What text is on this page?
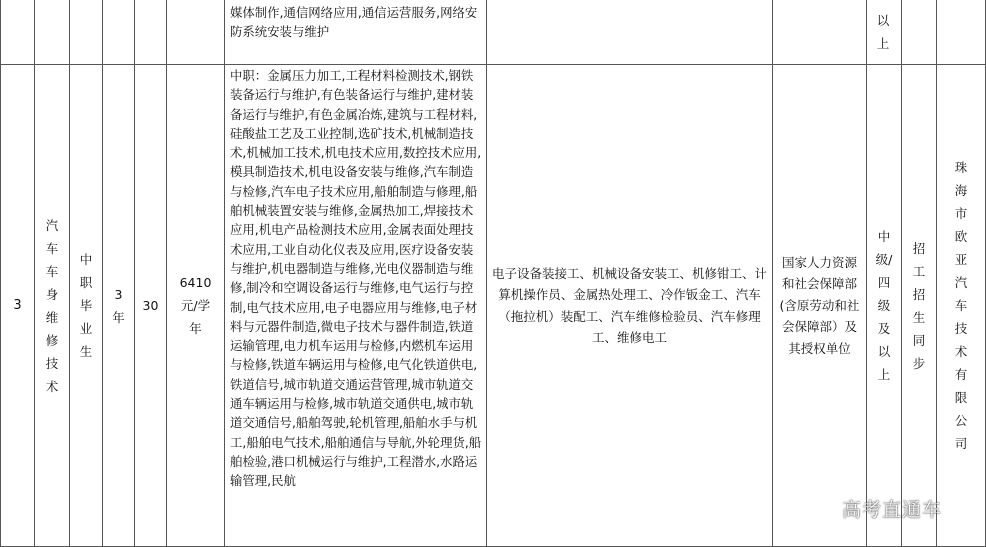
媒体制作,通信网络应用,通信运营服务,网络安防系统安装与维护
以上
3
汽车车身维修技术
中职毕业生
3年
30
6410元/学年
中职：金属压力加工,工程材料检测技术,钢铁装备运行与维护,有色装备运行与维护,建材装备运行与维护,有色金属冶炼,建筑与工程材料,硅酸盐工艺及工业控制,选矿技术,机械制造技术,机械加工技术,机电技术应用,数控技术应用,模具制造技术,机电设备安装与维修,汽车制造与检修,汽车电子技术应用,船舶制造与修理,船舶机械装置安装与维修,金属热加工,焊接技术应用,机电产品检测技术应用,金属表面处理技术应用,工业自动化仪表及应用,医疗设备安装与维护,机电器制造与维修,光电仪器制造与维修,制冷和空调设备运行与维修,电气运行与控制,电气技术应用,电子电器应用与维修,电子材料与元器件制造,微电子技术与器件制造,铁道运输管理,电力机车运用与检修,内燃机车运用与检修,铁道车辆运用与检修,电气化铁道供电,铁道信号,城市轨道交通运营管理,城市轨道交通车辆运用与检修,城市轨道交通供电,城市轨道交通信号,船舶驾驶,轮机管理,船舶水手与机工,船舶电气技术,船舶通信与导航,外轮理货,船舶检验,港口机械运行与维护,工程潜水,水路运输管理,民航
电子设备装接工、机械设备安装工、机修钳工、计算机操作员、金属热处理工、冷作钣金工、汽车（拖拉机）装配工、汽车维修检验员、汽车修理工、维修电工
国家人力资源和社会保障部(含原劳动和社会保障部）及其授权单位
中级/四级及以上
招工招生同步
珠海市欧亚汽车技术有限公司
高考直通车
